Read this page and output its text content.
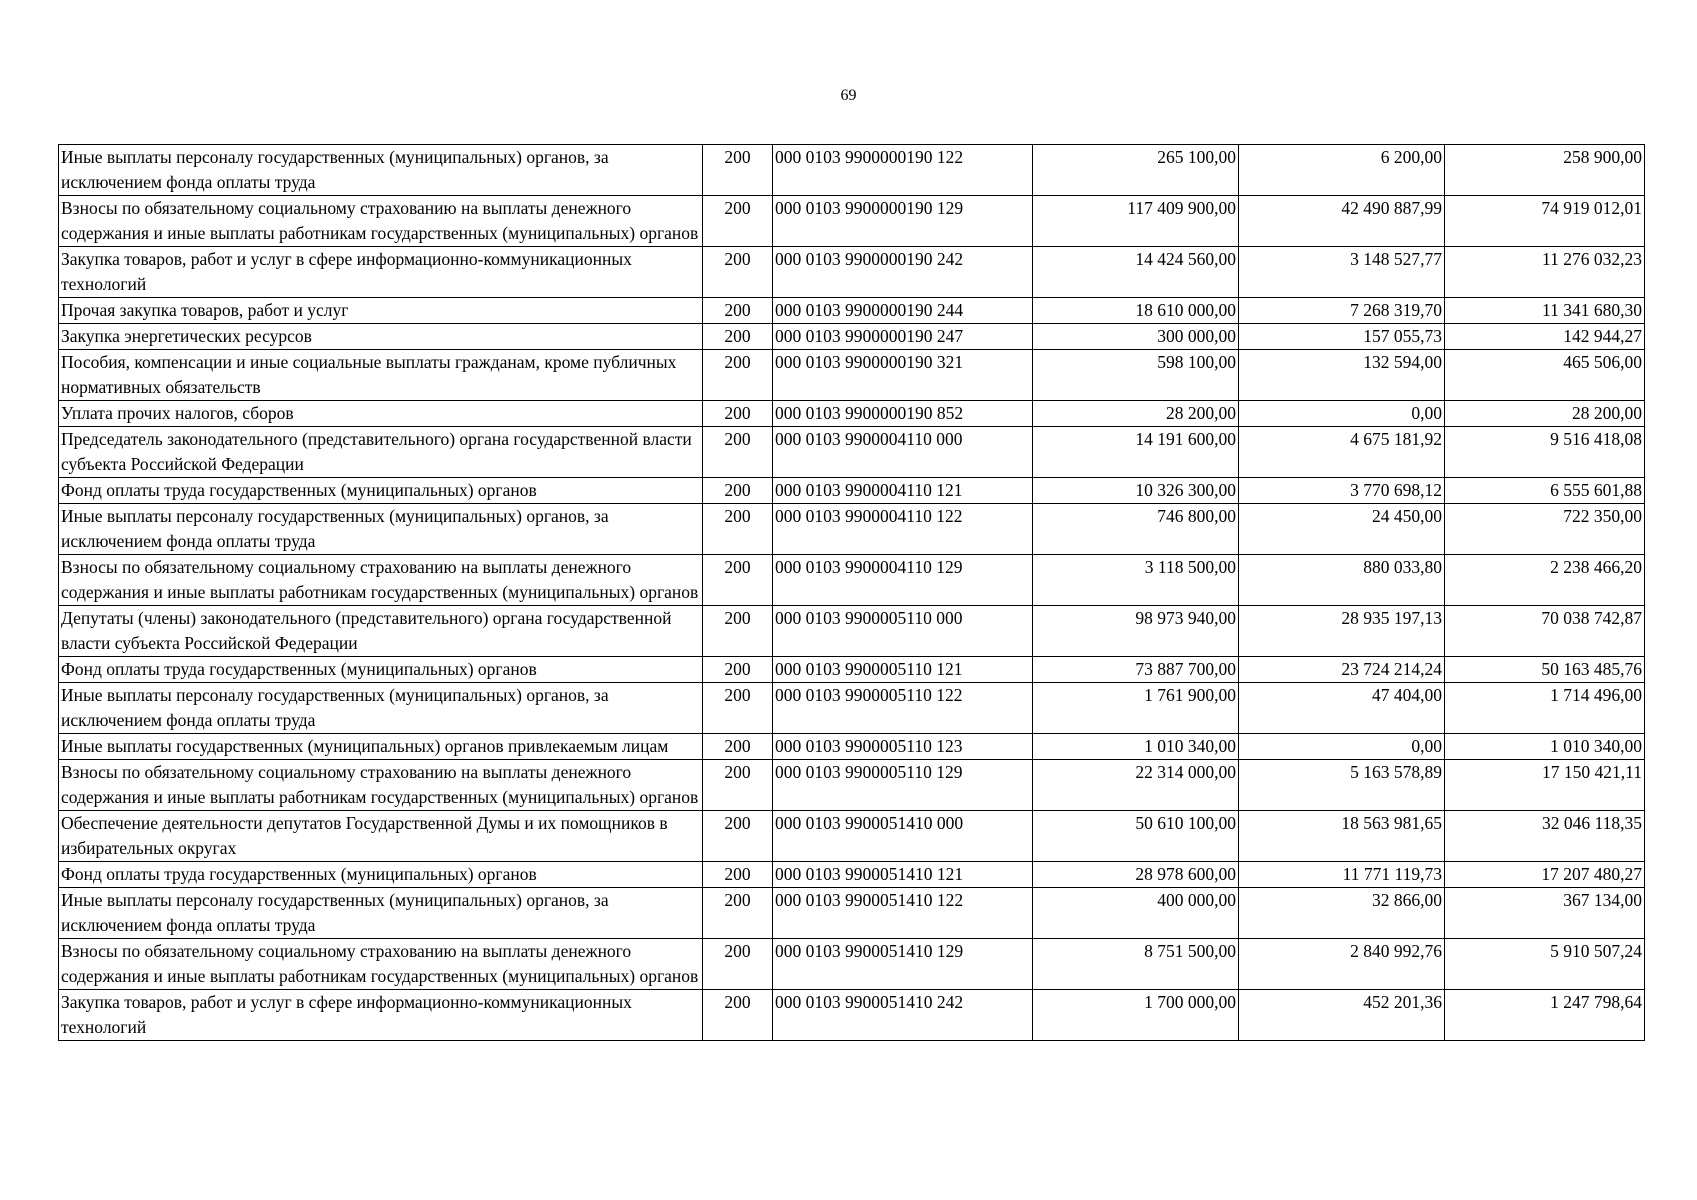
69
Иные выплаты персоналу государственных (муниципальных) органов, за исключением фонда оплаты труда	200	000 0103 9900000190 122	265 100,00	6 200,00	258 900,00
Взносы по обязательному социальному страхованию на выплаты денежного содержания и иные выплаты работникам государственных (муниципальных) органов	200	000 0103 9900000190 129	117 409 900,00	42 490 887,99	74 919 012,01
Закупка товаров, работ и услуг в сфере информационно-коммуникационных технологий	200	000 0103 9900000190 242	14 424 560,00	3 148 527,77	11 276 032,23
Прочая закупка товаров, работ и услуг	200	000 0103 9900000190 244	18 610 000,00	7 268 319,70	11 341 680,30
Закупка энергетических ресурсов	200	000 0103 9900000190 247	300 000,00	157 055,73	142 944,27
Пособия, компенсации и иные социальные выплаты гражданам, кроме публичных нормативных обязательств	200	000 0103 9900000190 321	598 100,00	132 594,00	465 506,00
Уплата прочих налогов, сборов	200	000 0103 9900000190 852	28 200,00	0,00	28 200,00
Председатель законодательного (представительного) органа государственной власти субъекта Российской Федерации	200	000 0103 9900004110 000	14 191 600,00	4 675 181,92	9 516 418,08
Фонд оплаты труда государственных (муниципальных) органов	200	000 0103 9900004110 121	10 326 300,00	3 770 698,12	6 555 601,88
Иные выплаты персоналу государственных (муниципальных) органов, за исключением фонда оплаты труда	200	000 0103 9900004110 122	746 800,00	24 450,00	722 350,00
Взносы по обязательному социальному страхованию на выплаты денежного содержания и иные выплаты работникам государственных (муниципальных) органов	200	000 0103 9900004110 129	3 118 500,00	880 033,80	2 238 466,20
Депутаты (члены) законодательного (представительного) органа государственной власти субъекта Российской Федерации	200	000 0103 9900005110 000	98 973 940,00	28 935 197,13	70 038 742,87
Фонд оплаты труда государственных (муниципальных) органов	200	000 0103 9900005110 121	73 887 700,00	23 724 214,24	50 163 485,76
Иные выплаты персоналу государственных (муниципальных) органов, за исключением фонда оплаты труда	200	000 0103 9900005110 122	1 761 900,00	47 404,00	1 714 496,00
Иные выплаты государственных (муниципальных) органов привлекаемым лицам	200	000 0103 9900005110 123	1 010 340,00	0,00	1 010 340,00
Взносы по обязательному социальному страхованию на выплаты денежного содержания и иные выплаты работникам государственных (муниципальных) органов	200	000 0103 9900005110 129	22 314 000,00	5 163 578,89	17 150 421,11
Обеспечение деятельности депутатов Государственной Думы и их помощников в избирательных округах	200	000 0103 9900051410 000	50 610 100,00	18 563 981,65	32 046 118,35
Фонд оплаты труда государственных (муниципальных) органов	200	000 0103 9900051410 121	28 978 600,00	11 771 119,73	17 207 480,27
Иные выплаты персоналу государственных (муниципальных) органов, за исключением фонда оплаты труда	200	000 0103 9900051410 122	400 000,00	32 866,00	367 134,00
Взносы по обязательному социальному страхованию на выплаты денежного содержания и иные выплаты работникам государственных (муниципальных) органов	200	000 0103 9900051410 129	8 751 500,00	2 840 992,76	5 910 507,24
Закупка товаров, работ и услуг в сфере информационно-коммуникационных технологий	200	000 0103 9900051410 242	1 700 000,00	452 201,36	1 247 798,64
